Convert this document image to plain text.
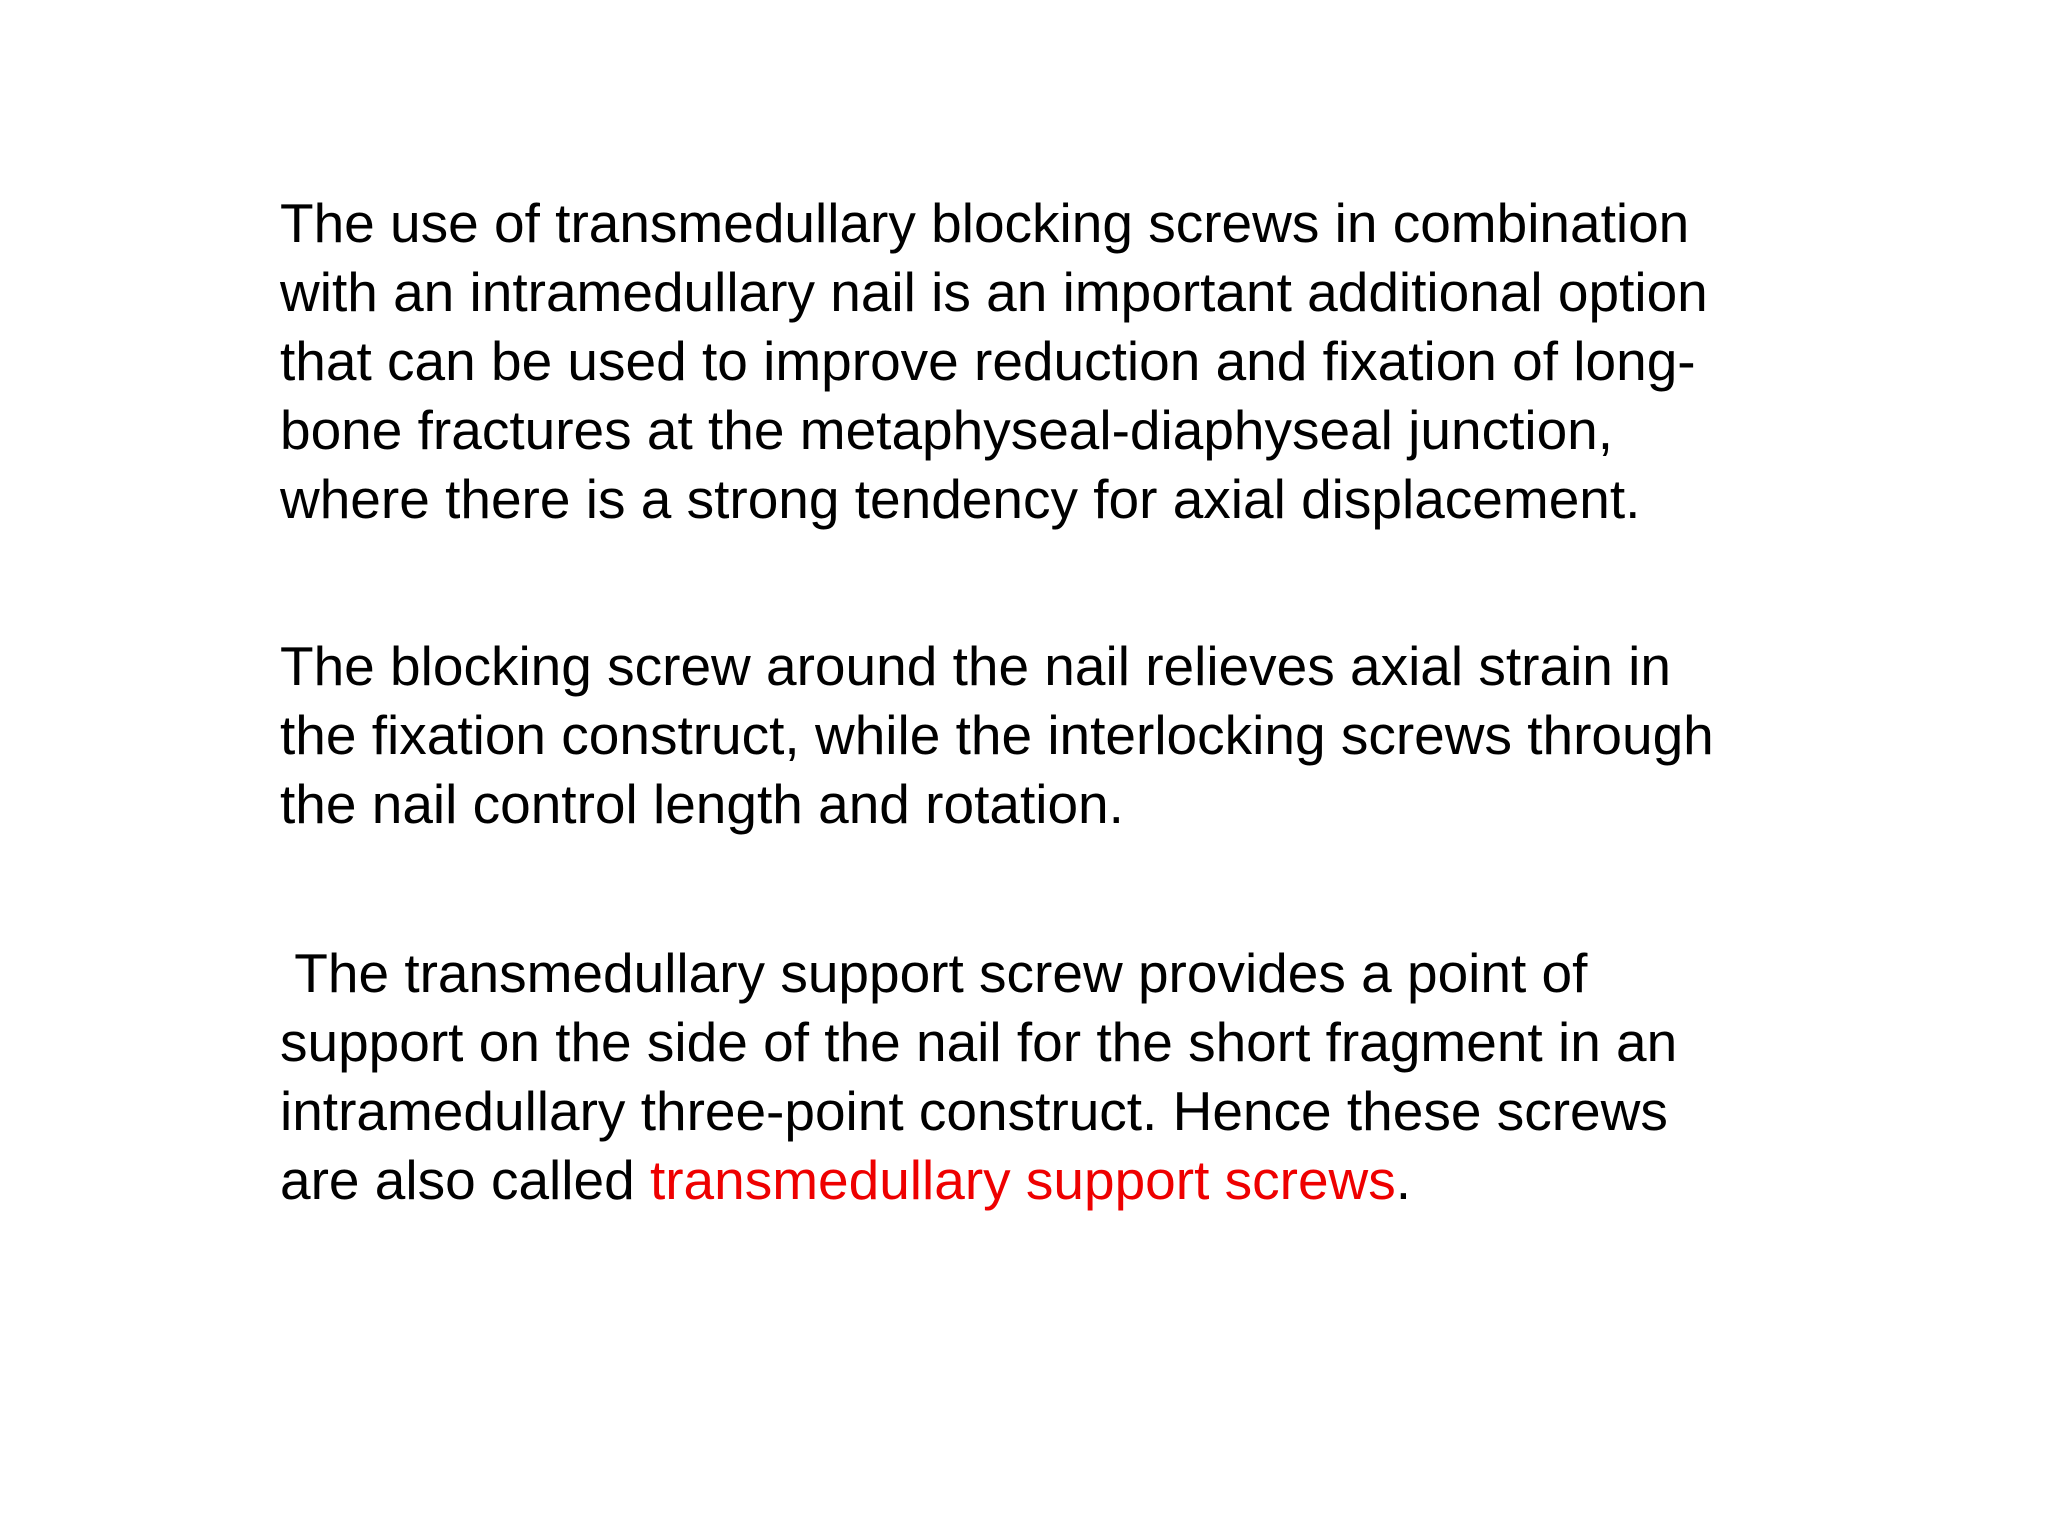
The use of transmedullary blocking screws in combination
with an intramedullary nail is an important additional option
that can be used to improve reduction and fixation of long-
bone fractures at the metaphyseal-diaphyseal junction,
where there is a strong tendency for axial displacement.

The blocking screw around the nail relieves axial strain in
the fixation construct, while the interlocking screws through
the nail control length and rotation.

The transmedullary support screw provides a point of
support on the side of the nail for the short fragment in an
intramedullary three-point construct. Hence these screws
are also called transmedullary support screws.
